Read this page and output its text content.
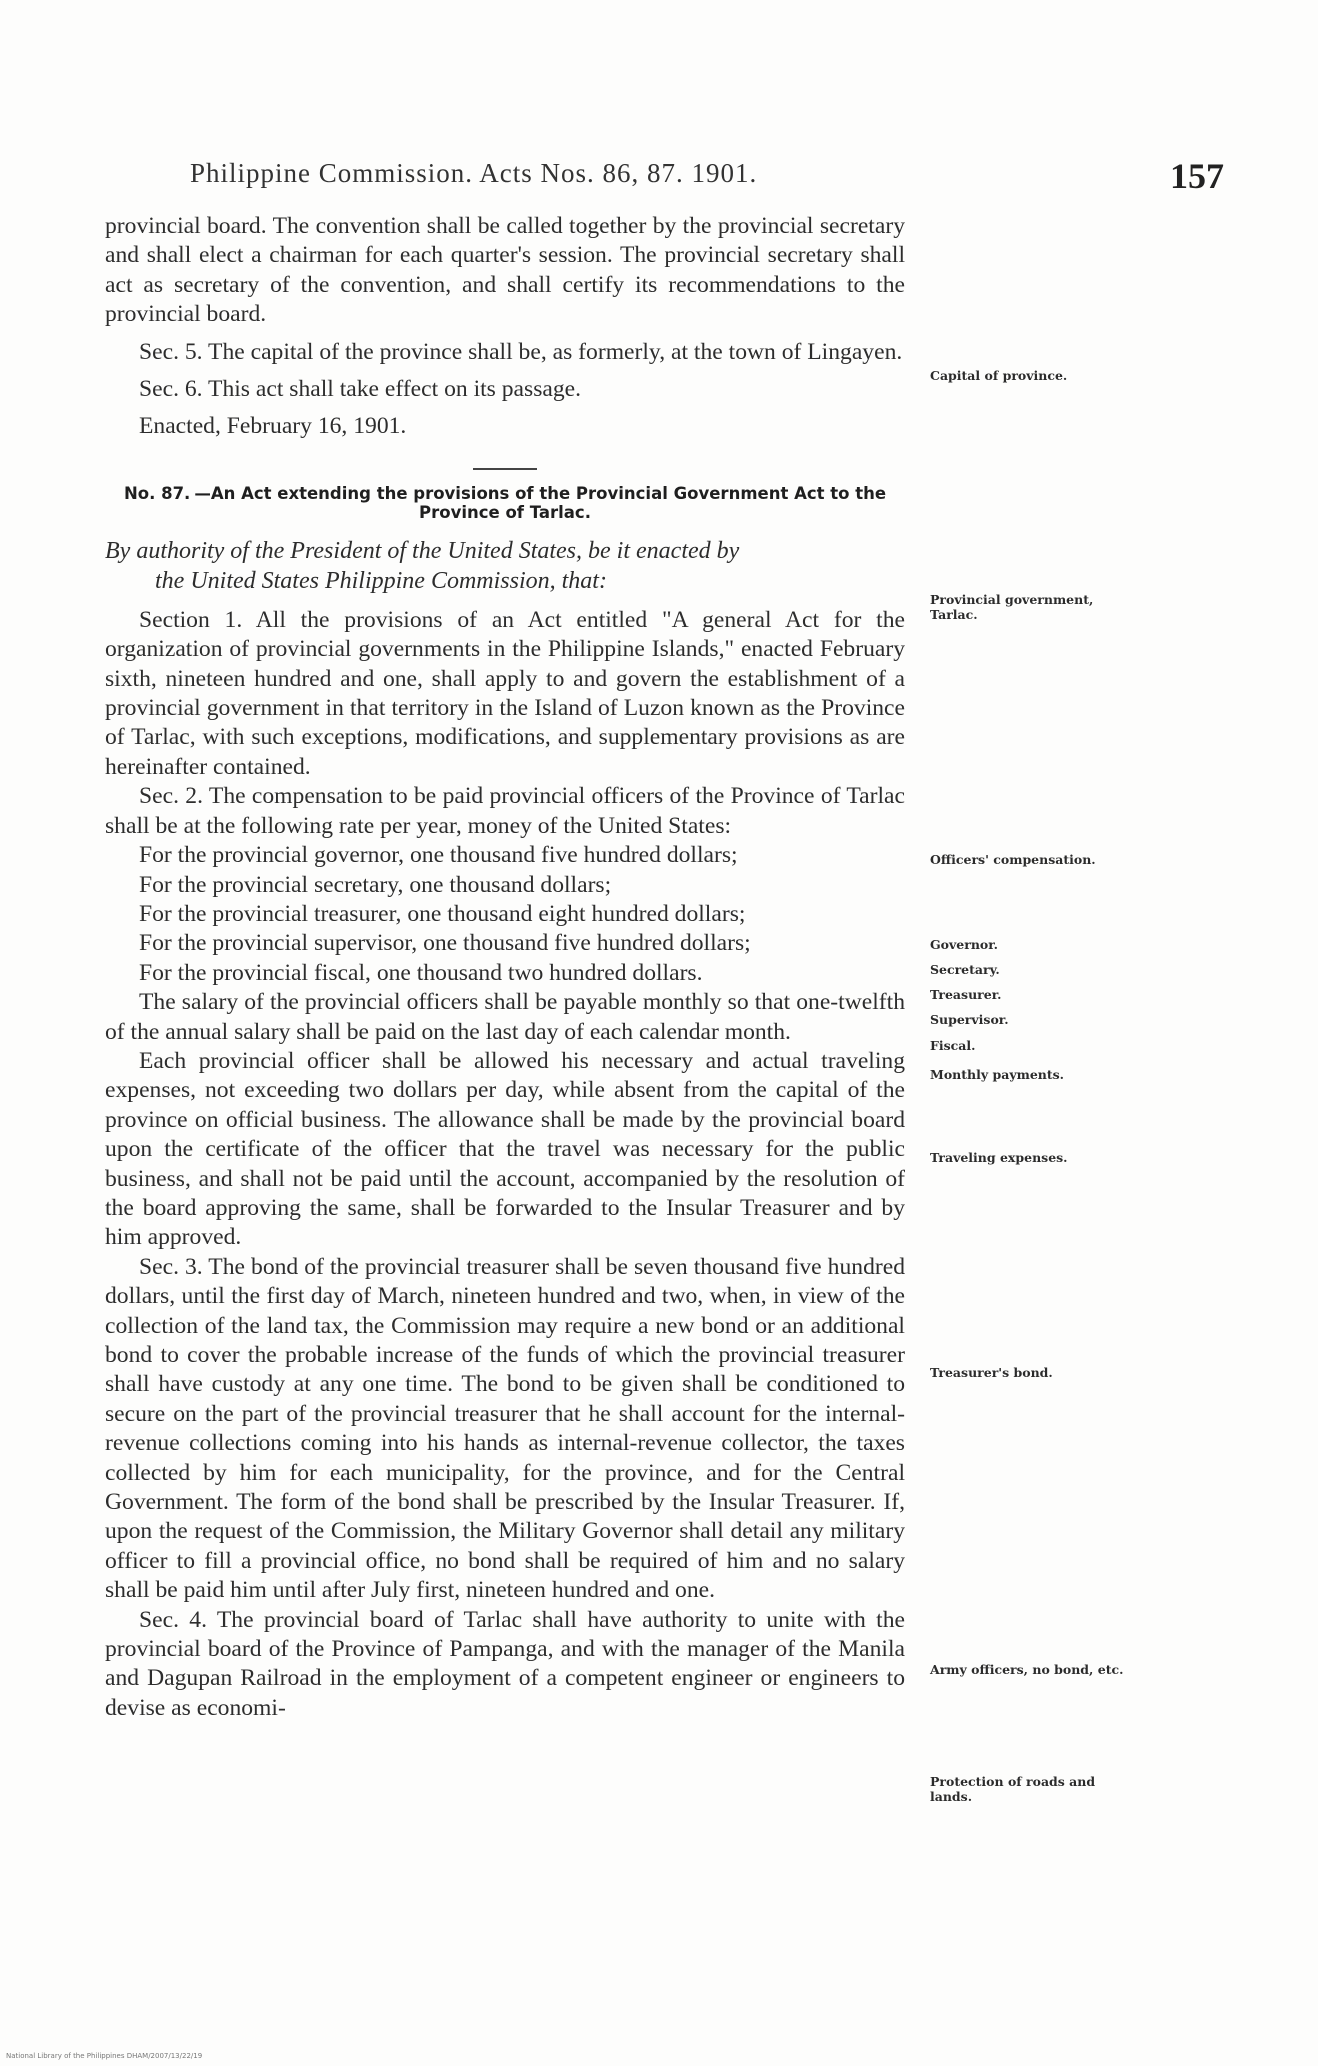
Philippine Commission. Acts Nos. 86, 87. 1901.	157

provincial board. The convention shall be called together by the provincial secretary and shall elect a chairman for each quarter's session. The provincial secretary shall act as secretary of the convention, and shall certify its recommendations to the provincial board.

Sec. 5. The capital of the province shall be, as formerly, at the town of Lingayen.

Sec. 6. This act shall take effect on its passage.

Enacted, February 16, 1901.

No. 87. —An Act extending the provisions of the Provincial Government Act to the Province of Tarlac.

By authority of the President of the United States, be it enacted by
the United States Philippine Commission, that:

Section 1. All the provisions of an Act entitled "A general Act for the organization of provincial governments in the Philippine Islands," enacted February sixth, nineteen hundred and one, shall apply to and govern the establishment of a provincial government in that territory in the Island of Luzon known as the Province of Tarlac, with such exceptions, modifications, and supplementary provisions as are hereinafter contained.

Sec. 2. The compensation to be paid provincial officers of the Province of Tarlac shall be at the following rate per year, money of the United States:

For the provincial governor, one thousand five hundred dollars;

For the provincial secretary, one thousand dollars;

For the provincial treasurer, one thousand eight hundred dollars;

For the provincial supervisor, one thousand five hundred dollars;

For the provincial fiscal, one thousand two hundred dollars.

The salary of the provincial officers shall be payable monthly so that one-twelfth of the annual salary shall be paid on the last day of each calendar month.

Each provincial officer shall be allowed his necessary and actual traveling expenses, not exceeding two dollars per day, while absent from the capital of the province on official business. The allowance shall be made by the provincial board upon the certificate of the officer that the travel was necessary for the public business, and shall not be paid until the account, accompanied by the resolution of the board approving the same, shall be forwarded to the Insular Treasurer and by him approved.

Sec. 3. The bond of the provincial treasurer shall be seven thousand five hundred dollars, until the first day of March, nineteen hundred and two, when, in view of the collection of the land tax, the Commission may require a new bond or an additional bond to cover the probable increase of the funds of which the provincial treasurer shall have custody at any one time. The bond to be given shall be conditioned to secure on the part of the provincial treasurer that he shall account for the internal-revenue collections coming into his hands as internal-revenue collector, the taxes collected by him for each municipality, for the province, and for the Central Government. The form of the bond shall be prescribed by the Insular Treasurer. If, upon the request of the Commission, the Military Governor shall detail any military officer to fill a provincial office, no bond shall be required of him and no salary shall be paid him until after July first, nineteen hundred and one.

Sec. 4. The provincial board of Tarlac shall have authority to unite with the provincial board of the Province of Pampanga, and with the manager of the Manila and Dagupan Railroad in the employment of a competent engineer or engineers to devise as economi-

Capital of province.
Provincial government, Tarlac.
Officers' compensation.
Governor.
Secretary.
Treasurer.
Supervisor.
Fiscal.
Monthly payments.
Traveling expenses.
Treasurer's bond.
Army officers, no bond, etc.
Protection of roads and lands.
National Library of the Philippines DHAM/2007/13/22/19
